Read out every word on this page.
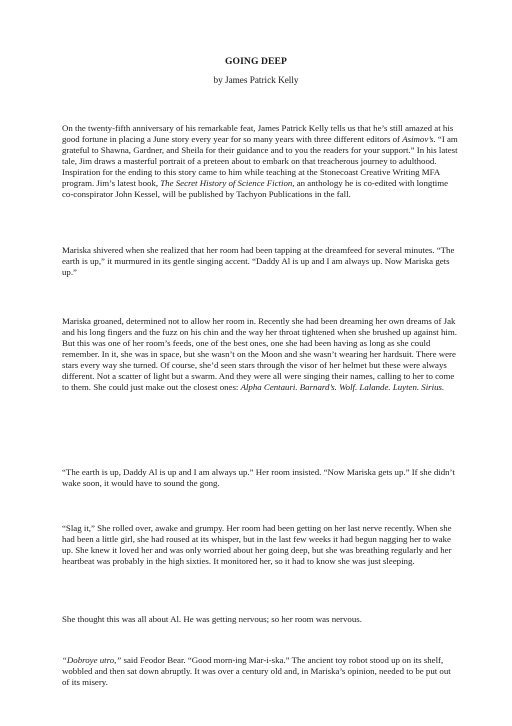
GOING DEEP

by James Patrick Kelly

On the twenty-fifth anniversary of his remarkable feat, James Patrick Kelly tells us that he’s still amazed at his good fortune in placing a June story every year for so many years with three different editors of Asimov’s. “I am grateful to Shawna, Gardner, and Sheila for their guidance and to you the readers for your support.” In his latest tale, Jim draws a masterful portrait of a preteen about to embark on that treacherous journey to adulthood. Inspiration for the ending to this story came to him while teaching at the Stonecoast Creative Writing MFA program. Jim’s latest book, The Secret History of Science Fiction, an anthology he is co-edited with longtime co-conspirator John Kessel, will be published by Tachyon Publications in the fall.

Mariska shivered when she realized that her room had been tapping at the dreamfeed for several minutes. “The earth is up,” it murmured in its gentle singing accent. “Daddy Al is up and I am always up. Now Mariska gets up.”

Mariska groaned, determined not to allow her room in. Recently she had been dreaming her own dreams of Jak and his long fingers and the fuzz on his chin and the way her throat tightened when she brushed up against him. But this was one of her room’s feeds, one of the best ones, one she had been having as long as she could remember. In it, she was in space, but she wasn’t on the Moon and she wasn’t wearing her hardsuit. There were stars every way she turned. Of course, she’d seen stars through the visor of her helmet but these were always different. Not a scatter of light but a swarm. And they were all were singing their names, calling to her to come to them. She could just make out the closest ones: Alpha Centauri. Barnard’s. Wolf. Lalande. Luyten. Sirius.

“The earth is up, Daddy Al is up and I am always up.” Her room insisted. “Now Mariska gets up.” If she didn’t wake soon, it would have to sound the gong.

“Slag it,” She rolled over, awake and grumpy. Her room had been getting on her last nerve recently. When she had been a little girl, she had roused at its whisper, but in the last few weeks it had begun nagging her to wake up. She knew it loved her and was only worried about her going deep, but she was breathing regularly and her heartbeat was probably in the high sixties. It monitored her, so it had to know she was just sleeping.

She thought this was all about Al. He was getting nervous; so her room was nervous.

“Dobroye utro,” said Feodor Bear. “Good morn-ing Mar-i-ska.” The ancient toy robot stood up on its shelf, wobbled and then sat down abruptly. It was over a century old and, in Mariska’s opinion, needed to be put out of its misery.
